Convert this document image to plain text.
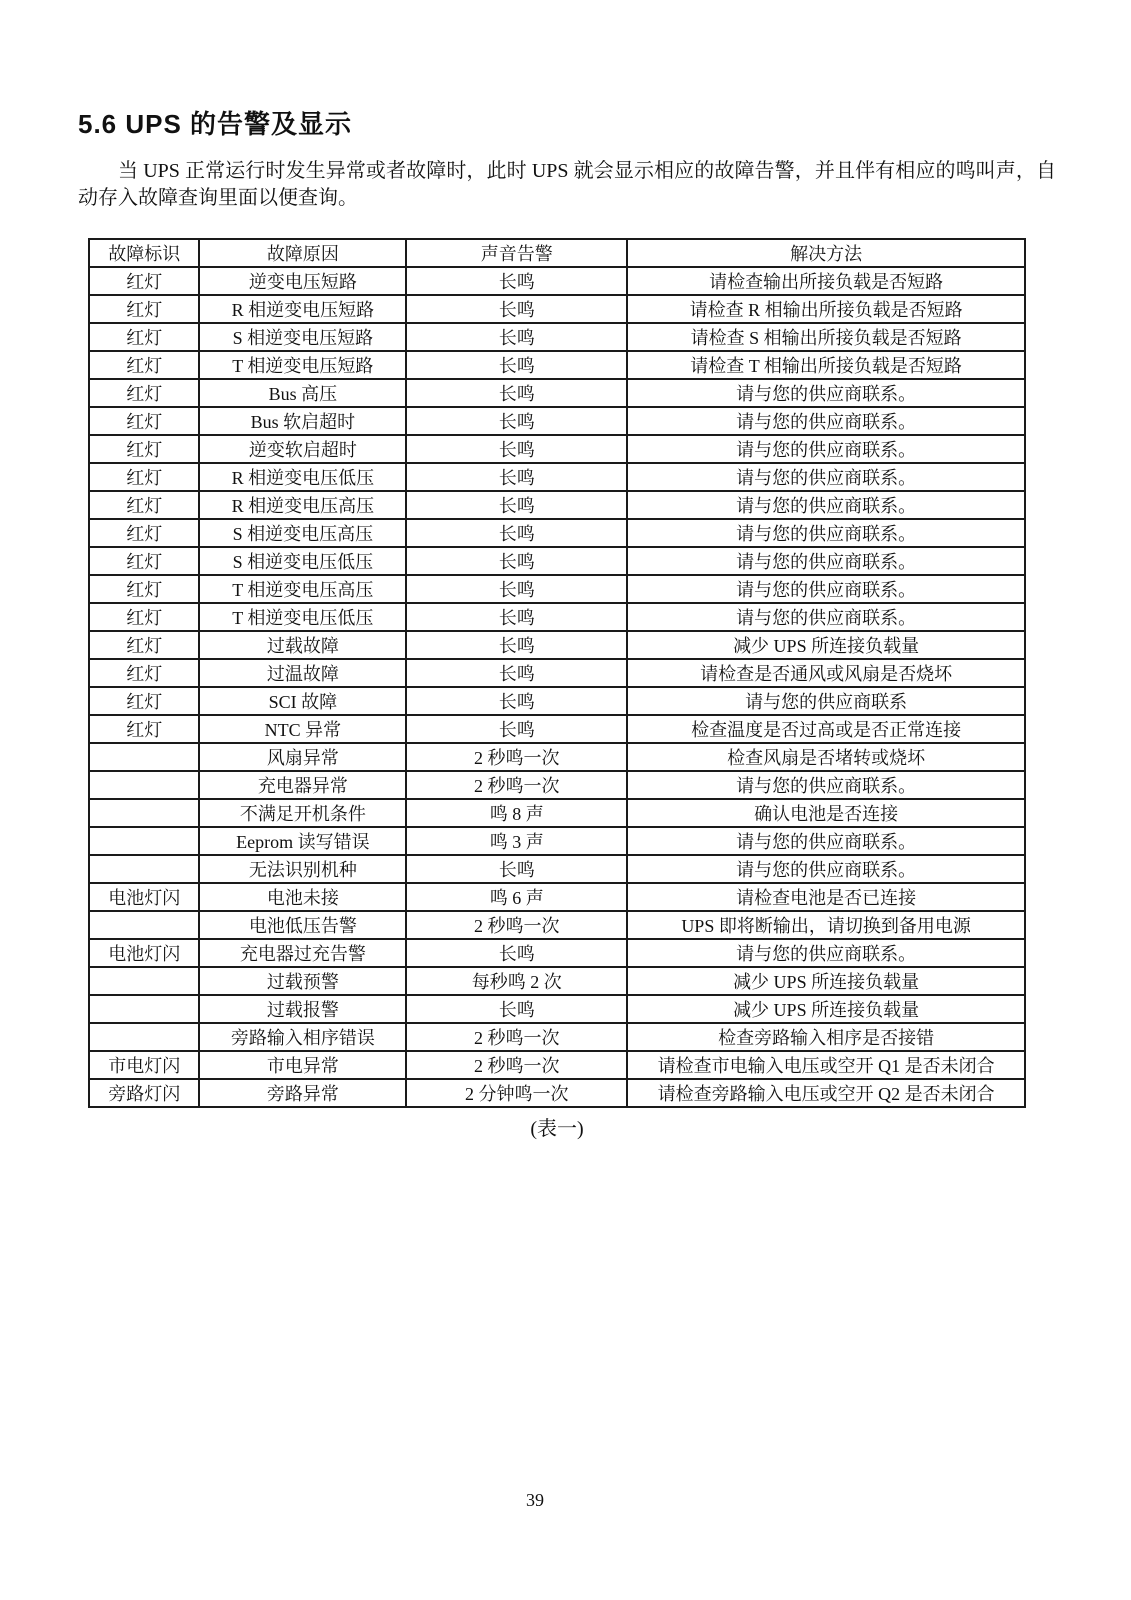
5.6 UPS 的告警及显示

当 UPS 正常运行时发生异常或者故障时，此时 UPS 就会显示相应的故障告警，并且伴有相应的鸣叫声，自动存入故障查询里面以便查询。

故障标识	故障原因	声音告警	解决方法
红灯	逆变电压短路	长鸣	请检查输出所接负载是否短路
红灯	R 相逆变电压短路	长鸣	请检查 R 相输出所接负载是否短路
红灯	S 相逆变电压短路	长鸣	请检查 S 相输出所接负载是否短路
红灯	T 相逆变电压短路	长鸣	请检查 T 相输出所接负载是否短路
红灯	Bus 高压	长鸣	请与您的供应商联系。
红灯	Bus 软启超时	长鸣	请与您的供应商联系。
红灯	逆变软启超时	长鸣	请与您的供应商联系。
红灯	R 相逆变电压低压	长鸣	请与您的供应商联系。
红灯	R 相逆变电压高压	长鸣	请与您的供应商联系。
红灯	S 相逆变电压高压	长鸣	请与您的供应商联系。
红灯	S 相逆变电压低压	长鸣	请与您的供应商联系。
红灯	T 相逆变电压高压	长鸣	请与您的供应商联系。
红灯	T 相逆变电压低压	长鸣	请与您的供应商联系。
红灯	过载故障	长鸣	减少 UPS 所连接负载量
红灯	过温故障	长鸣	请检查是否通风或风扇是否烧坏
红灯	SCI 故障	长鸣	请与您的供应商联系
红灯	NTC 异常	长鸣	检查温度是否过高或是否正常连接
	风扇异常	2 秒鸣一次	检查风扇是否堵转或烧坏
	充电器异常	2 秒鸣一次	请与您的供应商联系。
	不满足开机条件	鸣 8 声	确认电池是否连接
	Eeprom 读写错误	鸣 3 声	请与您的供应商联系。
	无法识别机种	长鸣	请与您的供应商联系。
电池灯闪	电池未接	鸣 6 声	请检查电池是否已连接
	电池低压告警	2 秒鸣一次	UPS 即将断输出，请切换到备用电源
电池灯闪	充电器过充告警	长鸣	请与您的供应商联系。
	过载预警	每秒鸣 2 次	减少 UPS 所连接负载量
	过载报警	长鸣	减少 UPS 所连接负载量
	旁路输入相序错误	2 秒鸣一次	检查旁路输入相序是否接错
市电灯闪	市电异常	2 秒鸣一次	请检查市电输入电压或空开 Q1 是否未闭合
旁路灯闪	旁路异常	2 分钟鸣一次	请检查旁路输入电压或空开 Q2 是否未闭合
(表一)
39
